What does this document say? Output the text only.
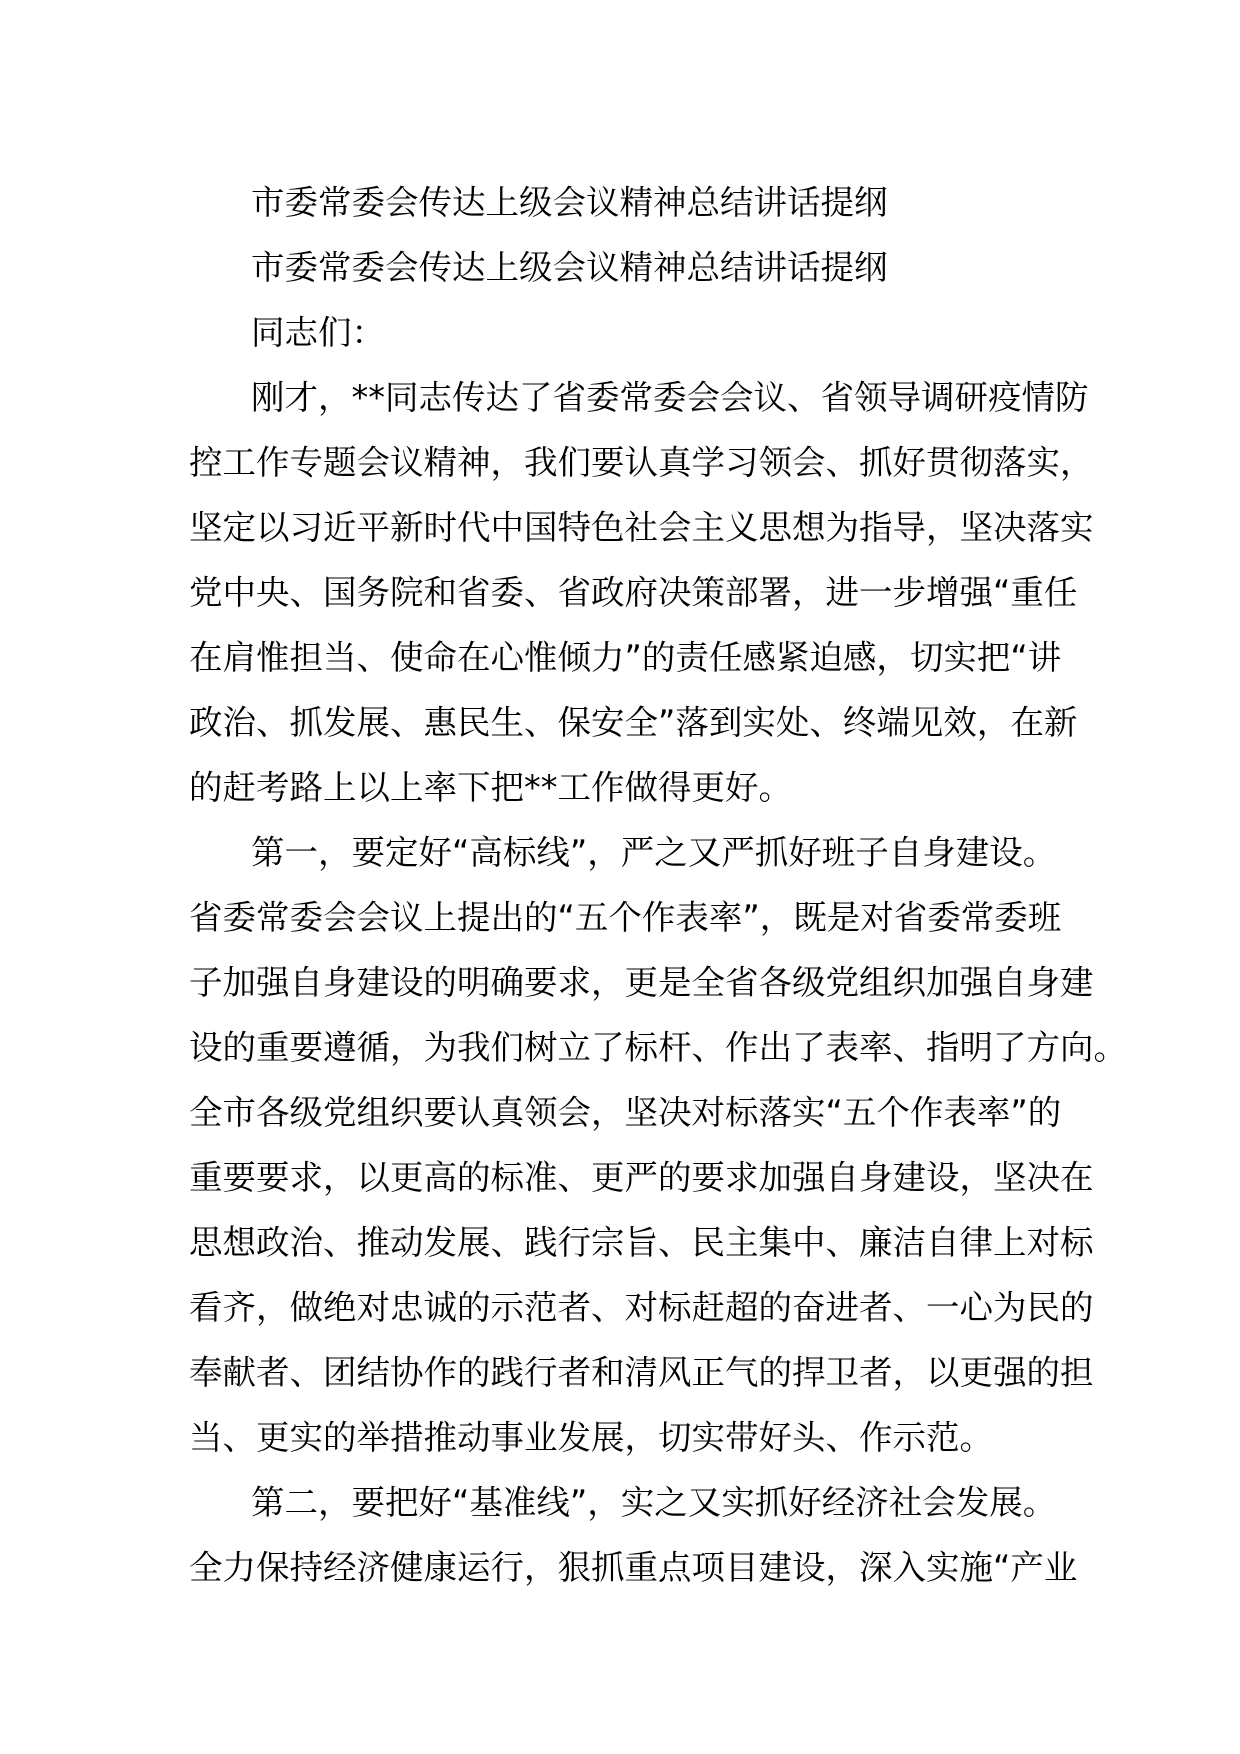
市委常委会传达上级会议精神总结讲话提纲
市委常委会传达上级会议精神总结讲话提纲
同志们：
刚才，**同志传达了省委常委会会议、省领导调研疫情防
控工作专题会议精神，我们要认真学习领会、抓好贯彻落实，
坚定以习近平新时代中国特色社会主义思想为指导，坚决落实
党中央、国务院和省委、省政府决策部署，进一步增强“重任
在肩惟担当、使命在心惟倾力”的责任感紧迫感，切实把“讲
政治、抓发展、惠民生、保安全”落到实处、终端见效，在新
的赶考路上以上率下把**工作做得更好。
第一，要定好“高标线”，严之又严抓好班子自身建设。
省委常委会会议上提出的“五个作表率”，既是对省委常委班
子加强自身建设的明确要求，更是全省各级党组织加强自身建
设的重要遵循，为我们树立了标杆、作出了表率、指明了方向。
全市各级党组织要认真领会，坚决对标落实“五个作表率”的
重要要求，以更高的标准、更严的要求加强自身建设，坚决在
思想政治、推动发展、践行宗旨、民主集中、廉洁自律上对标
看齐，做绝对忠诚的示范者、对标赶超的奋进者、一心为民的
奉献者、团结协作的践行者和清风正气的捍卫者，以更强的担
当、更实的举措推动事业发展，切实带好头、作示范。
第二，要把好“基准线”，实之又实抓好经济社会发展。
全力保持经济健康运行，狠抓重点项目建设，深入实施“产业
